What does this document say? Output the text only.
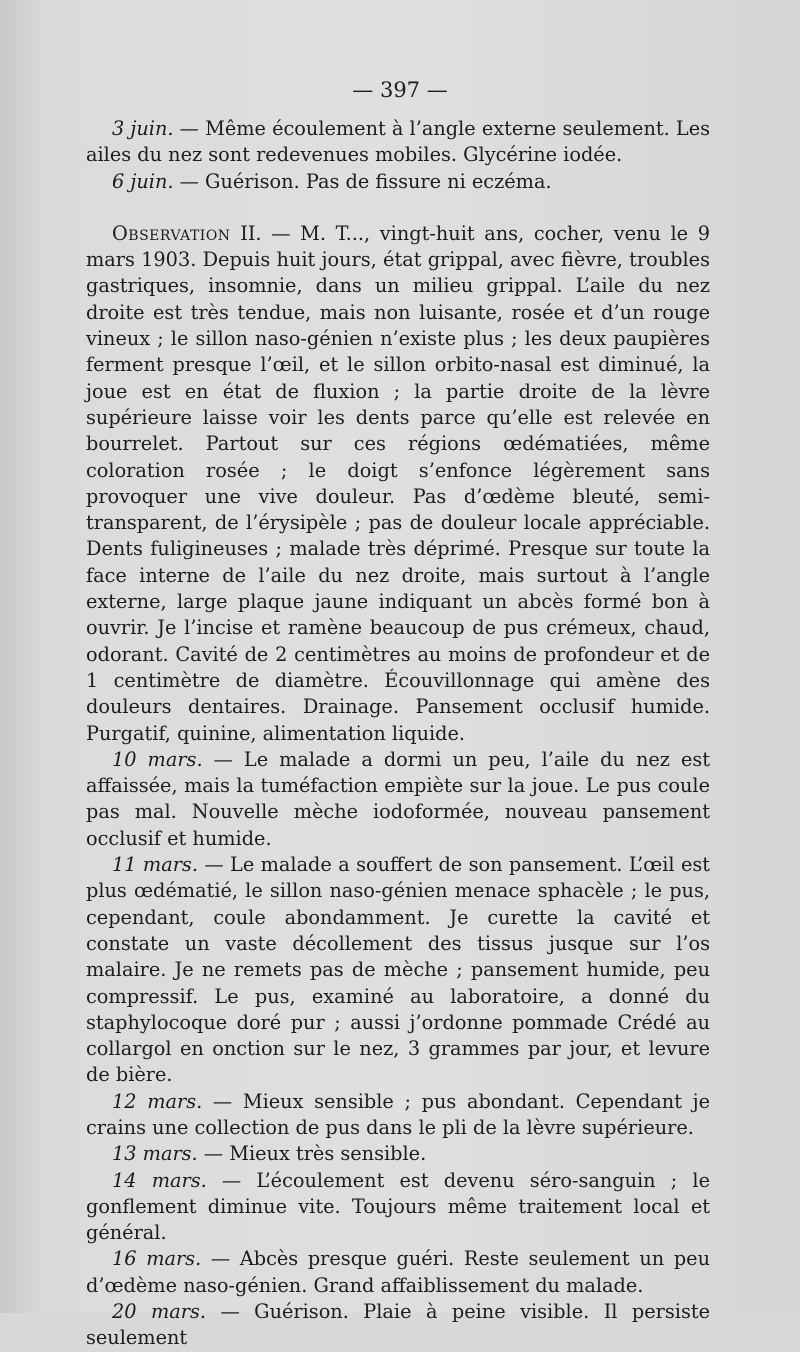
— 397 —

3 juin. — Même écoulement à l’angle externe seulement. Les ailes du nez sont redevenues mobiles. Glycérine iodée.

6 juin. — Guérison. Pas de fissure ni eczéma.

Observation II. — M. T..., vingt-huit ans, cocher, venu le 9 mars 1903. Depuis huit jours, état grippal, avec fièvre, troubles gastriques, insomnie, dans un milieu grippal. L’aile du nez droite est très tendue, mais non luisante, rosée et d’un rouge vineux ; le sillon naso-génien n’existe plus ; les deux paupières ferment presque l’œil, et le sillon orbito-nasal est diminué, la joue est en état de fluxion ; la partie droite de la lèvre supérieure laisse voir les dents parce qu’elle est relevée en bourrelet. Partout sur ces régions œdématiées, même coloration rosée ; le doigt s’enfonce légèrement sans provoquer une vive douleur. Pas d’œdème bleuté, semi-transparent, de l’érysipèle ; pas de douleur locale appréciable. Dents fuligineuses ; malade très déprimé. Presque sur toute la face interne de l’aile du nez droite, mais surtout à l’angle externe, large plaque jaune indiquant un abcès formé bon à ouvrir. Je l’incise et ramène beaucoup de pus crémeux, chaud, odorant. Cavité de 2 centimètres au moins de profondeur et de 1 centimètre de diamètre. Écouvillonnage qui amène des douleurs dentaires. Drainage. Pansement occlusif humide. Purgatif, quinine, alimentation liquide.

10 mars. — Le malade a dormi un peu, l’aile du nez est affaissée, mais la tuméfaction empiète sur la joue. Le pus coule pas mal. Nouvelle mèche iodoformée, nouveau pansement occlusif et humide.

11 mars. — Le malade a souffert de son pansement. L’œil est plus œdématié, le sillon naso-génien menace sphacèle ; le pus, cependant, coule abondamment. Je curette la cavité et constate un vaste décollement des tissus jusque sur l’os malaire. Je ne remets pas de mèche ; pansement humide, peu compressif. Le pus, examiné au laboratoire, a donné du staphylocoque doré pur ; aussi j’ordonne pommade Crédé au collargol en onction sur le nez, 3 grammes par jour, et levure de bière.

12 mars. — Mieux sensible ; pus abondant. Cependant je crains une collection de pus dans le pli de la lèvre supérieure.

13 mars. — Mieux très sensible.

14 mars. — L’écoulement est devenu séro-sanguin ; le gonflement diminue vite. Toujours même traitement local et général.

16 mars. — Abcès presque guéri. Reste seulement un peu d’œdème naso-génien. Grand affaiblissement du malade.

20 mars. — Guérison. Plaie à peine visible. Il persiste seulement
